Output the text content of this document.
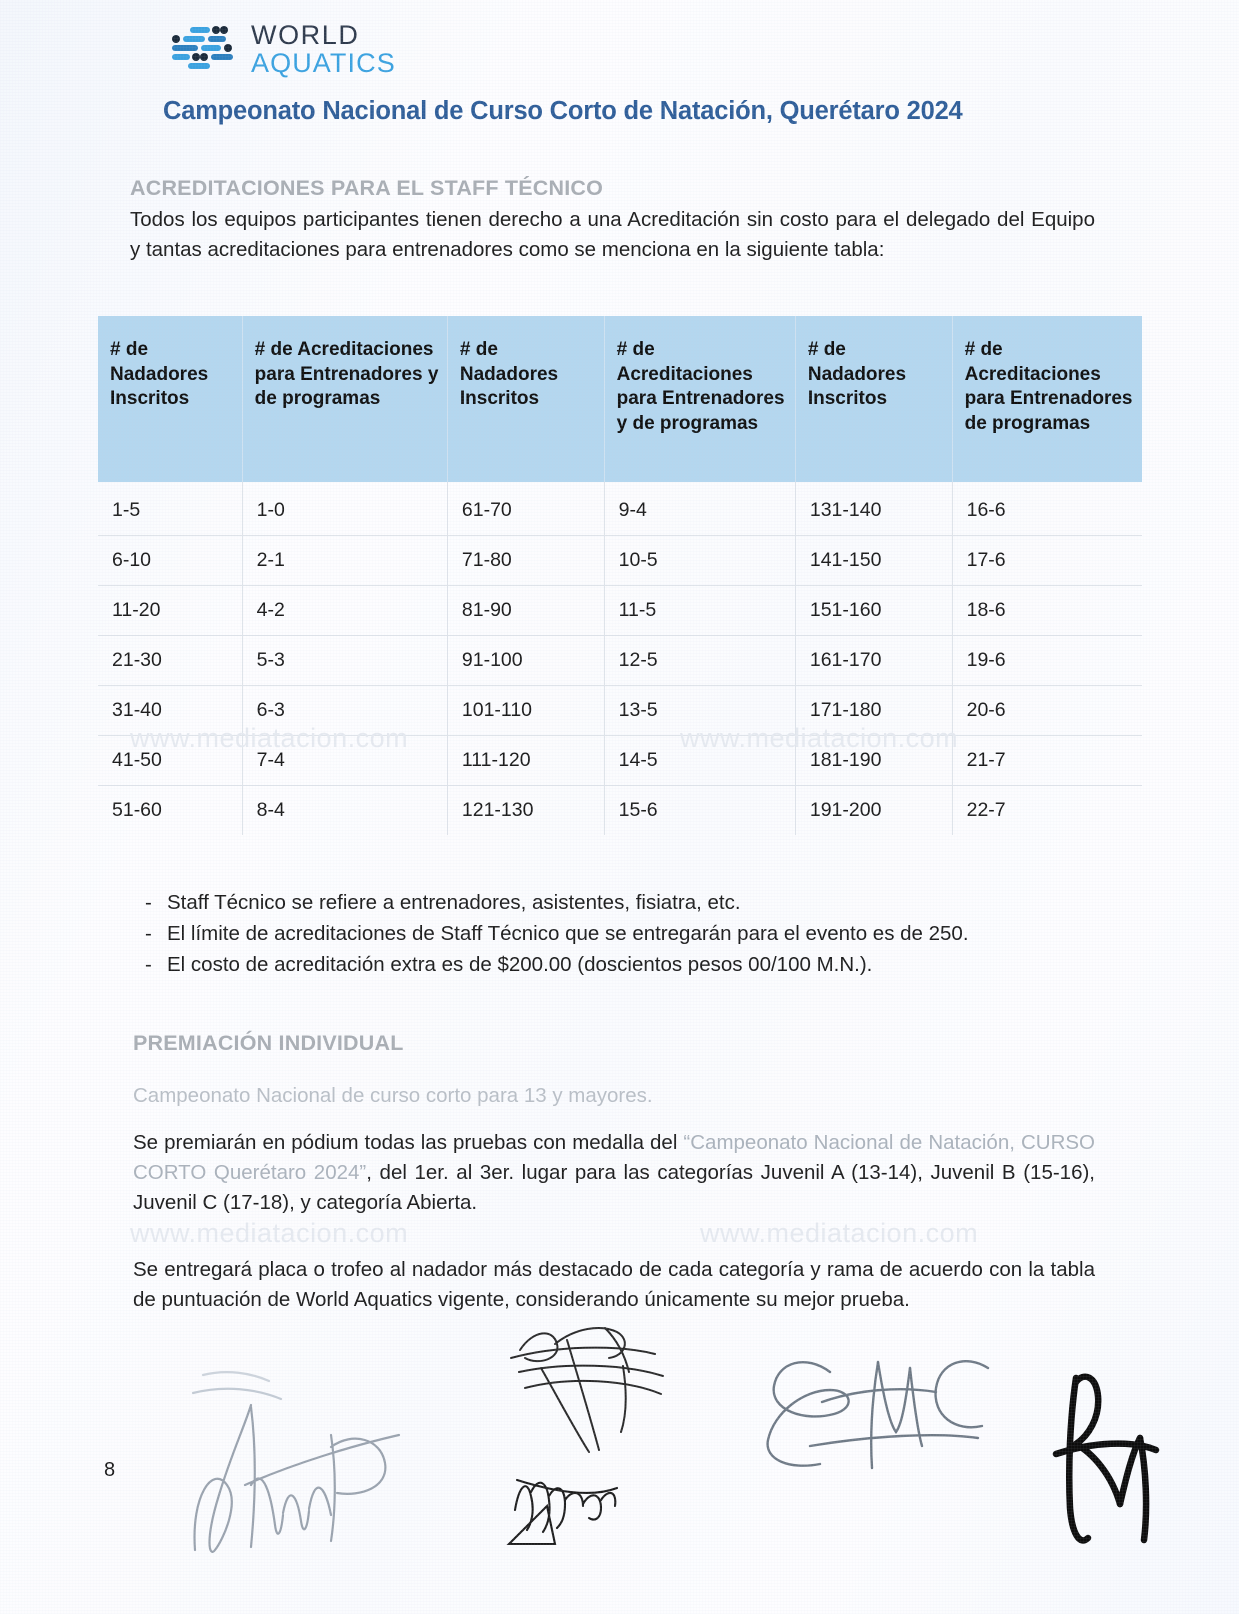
WORLD
AQUATICS
Campeonato Nacional de Curso Corto de Natación, Querétaro 2024
ACREDITACIONES PARA EL STAFF TÉCNICO
Todos los equipos participantes tienen derecho a una Acreditación sin costo para el delegado del Equipo y tantas acreditaciones para entrenadores como se menciona en la siguiente tabla:
# de Nadadores Inscritos	# de Acreditaciones para Entrenadores y de programas	# de Nadadores Inscritos	# de Acreditaciones para Entrenadores y de programas	# de Nadadores Inscritos	# de Acreditaciones para Entrenadores de programas
1-5	1-0	61-70	9-4	131-140	16-6
6-10	2-1	71-80	10-5	141-150	17-6
11-20	4-2	81-90	11-5	151-160	18-6
21-30	5-3	91-100	12-5	161-170	19-6
31-40	6-3	101-110	13-5	171-180	20-6
41-50	7-4	111-120	14-5	181-190	21-7
51-60	8-4	121-130	15-6	191-200	22-7
- Staff Técnico se refiere a entrenadores, asistentes, fisiatra, etc.
- El límite de acreditaciones de Staff Técnico que se entregarán para el evento es de 250.
- El costo de acreditación extra es de $200.00 (doscientos pesos 00/100 M.N.).
PREMIACIÓN INDIVIDUAL
Campeonato Nacional de curso corto para 13 y mayores.
Se premiarán en pódium todas las pruebas con medalla del “Campeonato Nacional de Natación, CURSO CORTO Querétaro 2024”, del 1er. al 3er. lugar para las categorías Juvenil A (13-14), Juvenil B (15-16), Juvenil C (17-18), y categoría Abierta.
Se entregará placa o trofeo al nadador más destacado de cada categoría y rama de acuerdo con la tabla de puntuación de World Aquatics vigente, considerando únicamente su mejor prueba.
www.mediatacion.com	www.mediatacion.com
www.mediatacion.com	www.mediatacion.com
8
